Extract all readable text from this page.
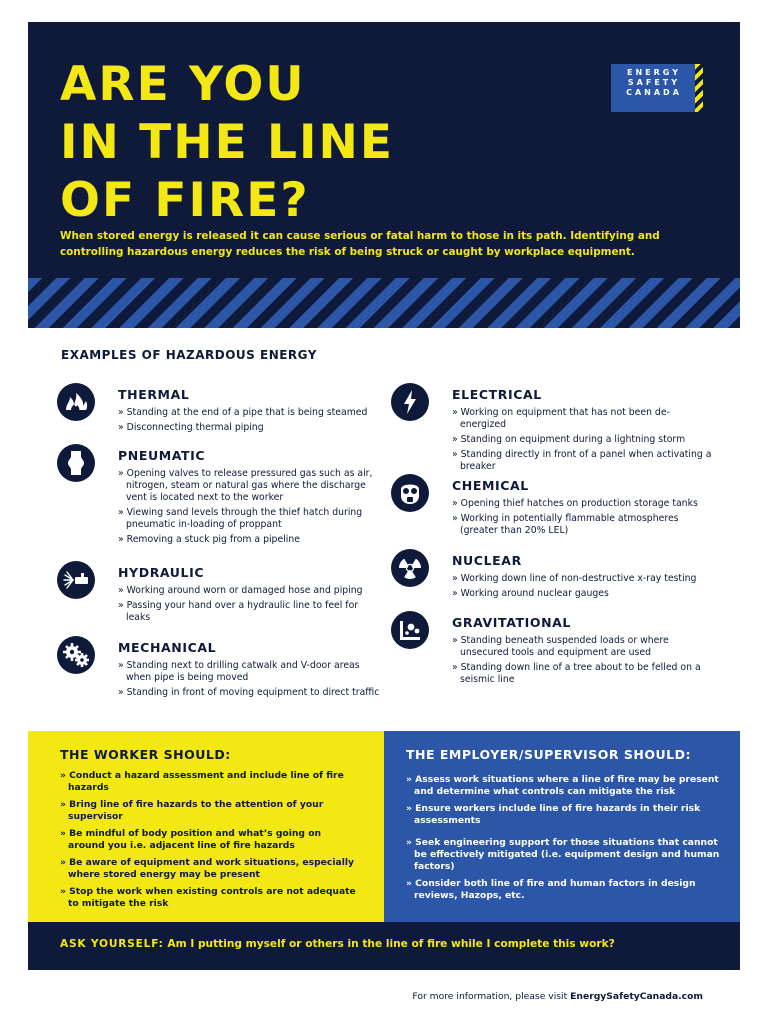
ARE YOU
IN THE LINE
OF FIRE?
ENERGY
SAFETY
CANADA

When stored energy is released it can cause serious or fatal harm to those in its path. Identifying and controlling hazardous energy reduces the risk of being struck or caught by workplace equipment.

EXAMPLES OF HAZARDOUS ENERGY
THERMAL
» Standing at the end of a pipe that is being steamed
» Disconnecting thermal piping
PNEUMATIC
» Opening valves to release pressured gas such as air, nitrogen, steam or natural gas where the discharge vent is located next to the worker
» Viewing sand levels through the thief hatch during pneumatic in-loading of proppant
» Removing a stuck pig from a pipeline
HYDRAULIC
» Working around worn or damaged hose and piping
» Passing your hand over a hydraulic line to feel for leaks
MECHANICAL
» Standing next to drilling catwalk and V-door areas when pipe is being moved
» Standing in front of moving equipment to direct traffic
ELECTRICAL
» Working on equipment that has not been de-energized
» Standing on equipment during a lightning storm
» Standing directly in front of a panel when activating a breaker
CHEMICAL
» Opening thief hatches on production storage tanks
» Working in potentially flammable atmospheres (greater than 20% LEL)
NUCLEAR
» Working down line of non-destructive x-ray testing
» Working around nuclear gauges
GRAVITATIONAL
» Standing beneath suspended loads or where unsecured tools and equipment are used
» Standing down line of a tree about to be felled on a seismic line
THE WORKER SHOULD:
» Conduct a hazard assessment and include line of fire hazards
» Bring line of fire hazards to the attention of your supervisor
» Be mindful of body position and what’s going on around you i.e. adjacent line of fire hazards
» Be aware of equipment and work situations, especially where stored energy may be present
» Stop the work when existing controls are not adequate to mitigate the risk
THE EMPLOYER/SUPERVISOR SHOULD:
» Assess work situations where a line of fire may be present and determine what controls can mitigate the risk
» Ensure workers include line of fire hazards in their risk assessments
» Seek engineering support for those situations that cannot be effectively mitigated (i.e. equipment design and human factors)
» Consider both line of fire and human factors in design reviews, Hazops, etc.

ASK YOURSELF: Am I putting myself or others in the line of fire while I complete this work?

For more information, please visit EnergySafetyCanada.com
